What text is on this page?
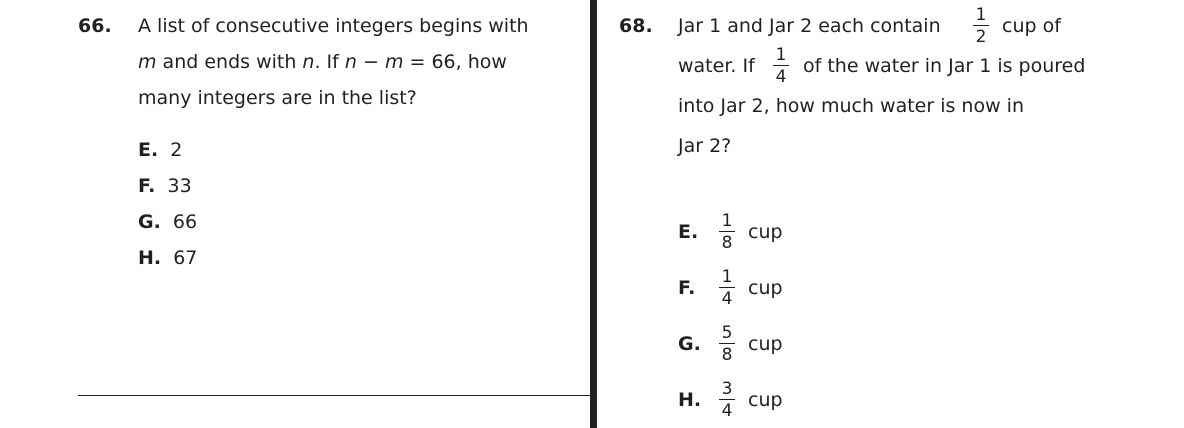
66. A list of consecutive integers begins with
m and ends with n. If n − m = 66, how
many integers are in the list?
E. 2
F. 33
G. 66
H. 67
68. Jar 1 and Jar 2 each contain 1
2 cup of
water. If 1
4 of the water in Jar 1 is poured
into Jar 2, how much water is now in
Jar 2?
E. 1
8 cup
F. 1
4 cup
G. 5
8 cup
H. 3
4 cup
